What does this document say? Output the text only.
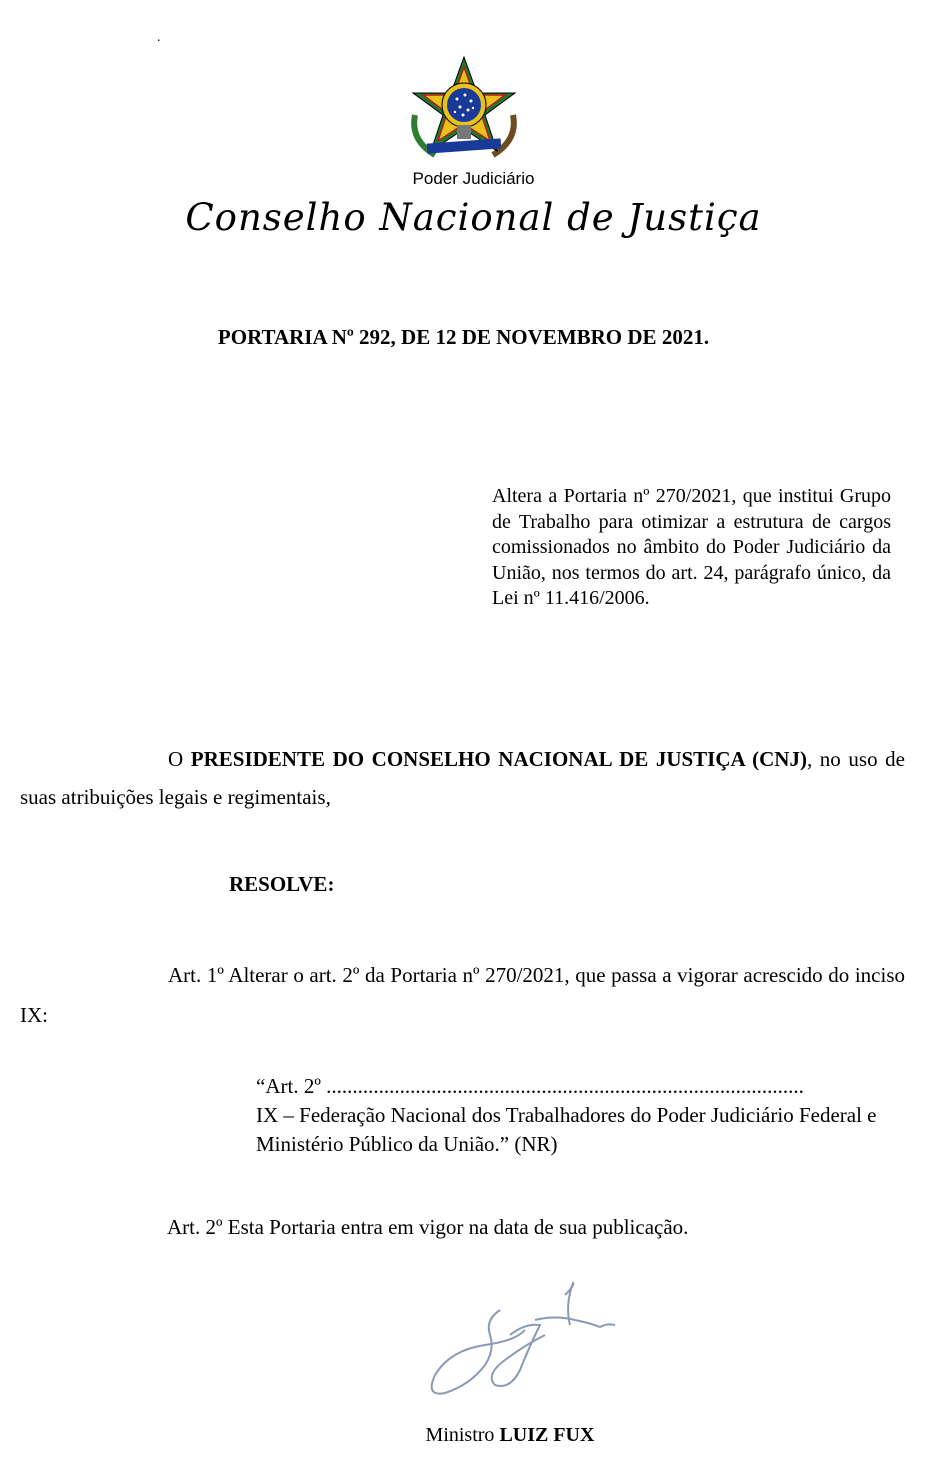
.
Poder Judiciário
Conselho Nacional de Justiça
PORTARIA Nº 292, DE 12 DE NOVEMBRO DE 2021.
Altera a Portaria nº 270/2021, que institui Grupo de Trabalho para otimizar a estrutura de cargos comissionados no âmbito do Poder Judiciário da União, nos termos do art. 24, parágrafo único, da Lei nº 11.416/2006.
O PRESIDENTE DO CONSELHO NACIONAL DE JUSTIÇA (CNJ), no uso de suas atribuições legais e regimentais,
RESOLVE:
Art. 1º Alterar o art. 2º da Portaria nº 270/2021, que passa a vigorar acrescido do inciso IX:
“Art. 2º ...........................................................................................
IX – Federação Nacional dos Trabalhadores do Poder Judiciário Federal e Ministério Público da União.” (NR)
Art. 2º Esta Portaria entra em vigor na data de sua publicação.
Ministro LUIZ FUX
